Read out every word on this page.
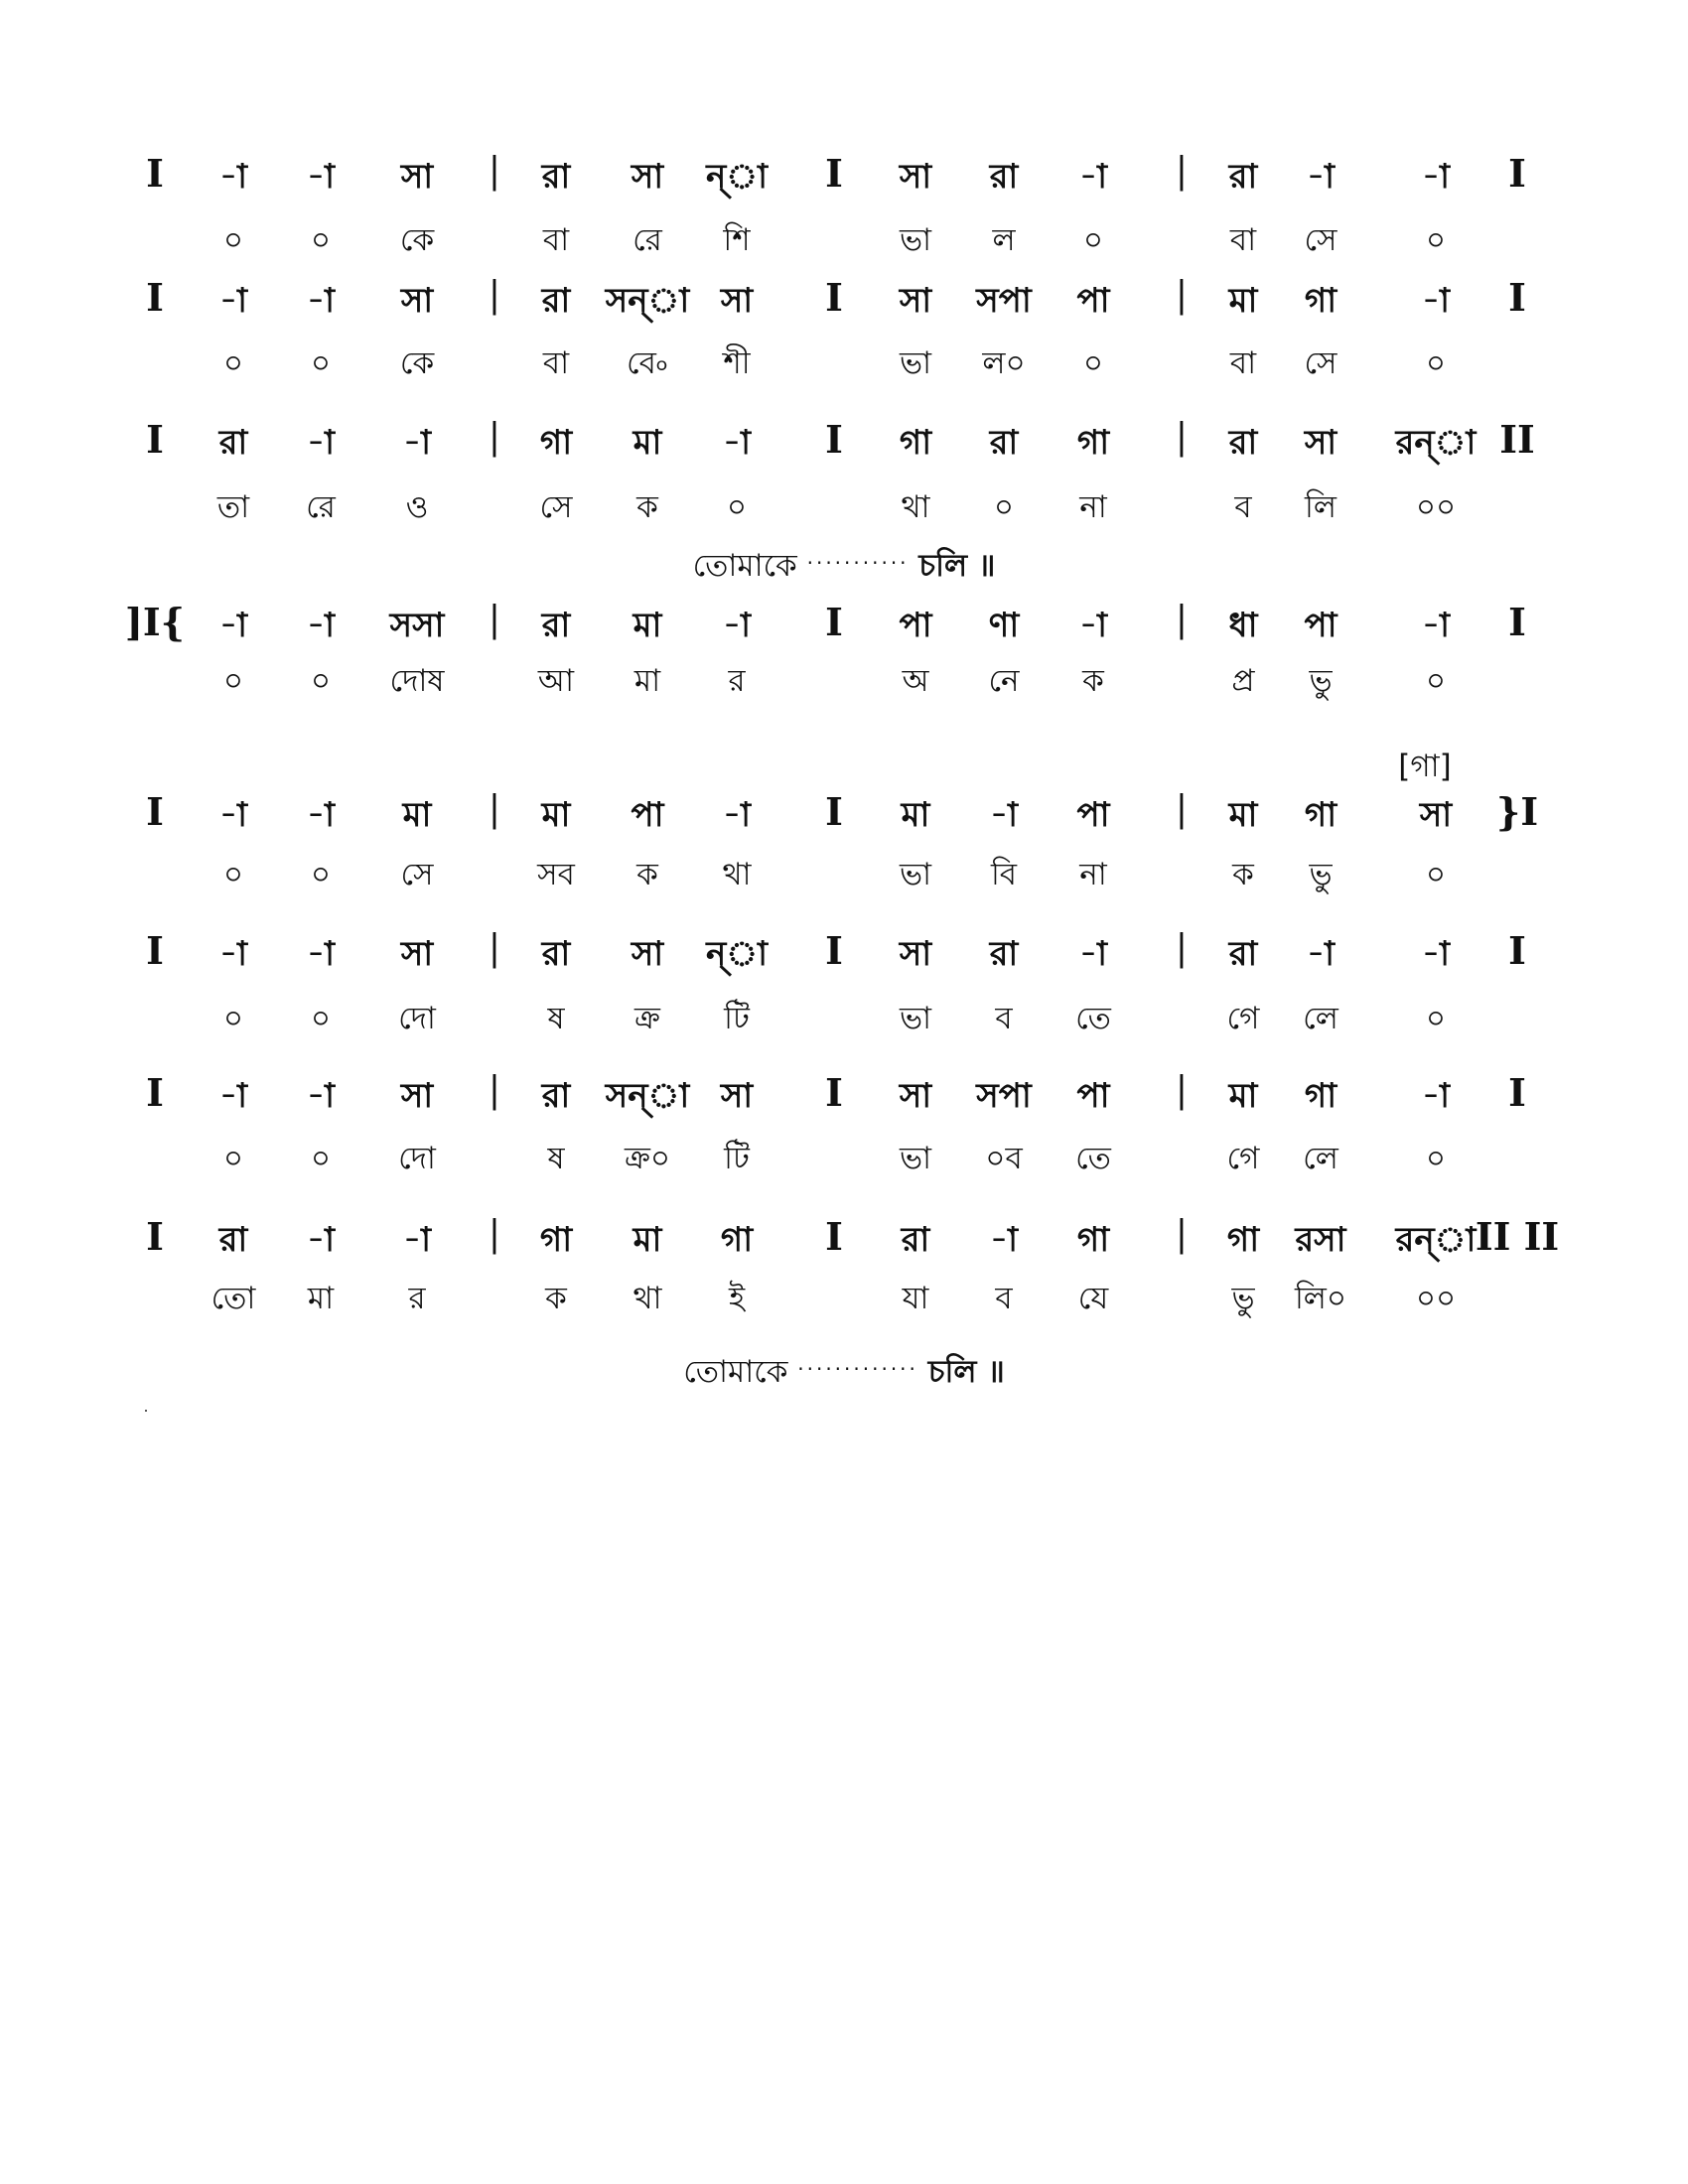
I -া -া সা | রা সা ন্া I সা রা -া | রা -া	-া I
০ ০ কে	বা রে শি	ভা ল ০	বা সে	০
I -া -া সা | রা সন্া সা I সা সপা পা | মা গা	-া I
০ ০ কে	বা বে৹ শী	ভা ল০ ০	বা সে	০
I রা -া -া | গা মা -া I গা রা গা | রা সা রন্া II
তা রে ও	সে ক ০	থা ০ না	ব লি	০০
]I{ -া -া সসা | রা মা -া I পা ণা -া | ধা পা	-া I
০ ০ দোষ	আ মা র	অ নে ক	প্র ভু	০
I -া -া মা | মা পা -া I মা -া পা | মা গা সা }I
০ ০ সে	সব ক থা	ভা বি না	ক ভু	০
I -া -া সা | রা সা ন্া I সা রা -া | রা -া	-া I
০ ০ দো	ষ ক্র টি	ভা ব তে	গে লে	০
I -া -া সা | রা সন্া সা I সা সপা পা | মা গা	-া I
০ ০ দো	ষ ক্র০ টি	ভা ০ব তে	গে লে	০
I রা -া -া | গা মা গা I রা -া গা | গা রসা রন্া II II
তো মা র	ক থা ই	যা ব যে	ভু লি০ ০০
তোমাকে ··········· চলি ॥
তোমাকে ············· চলি ॥
[গা]
